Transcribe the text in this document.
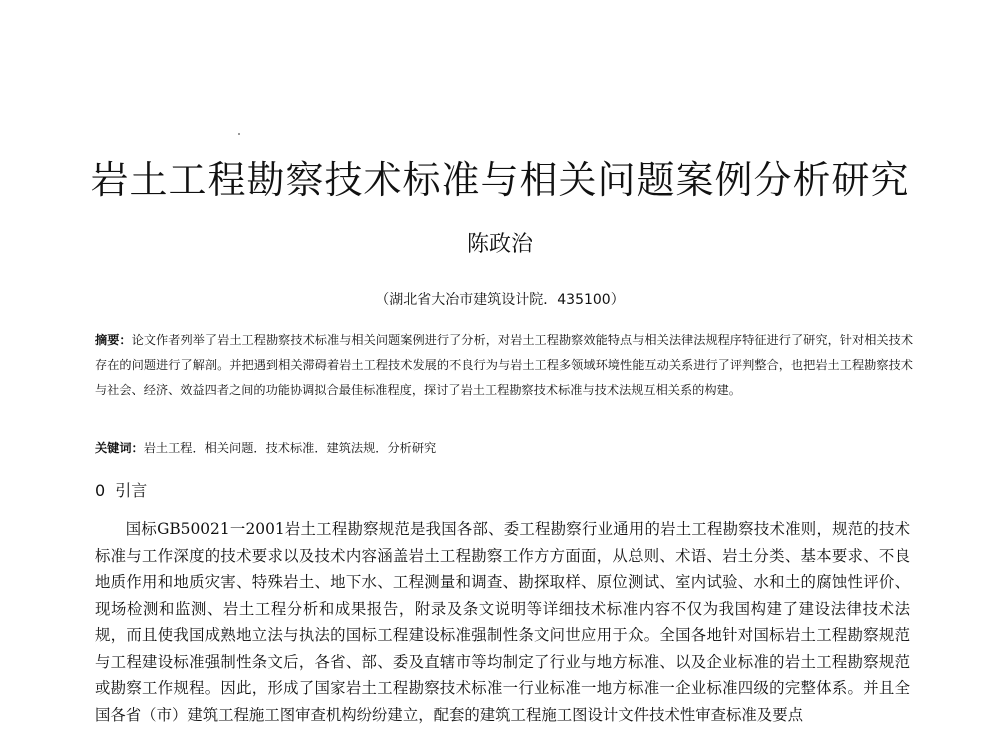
岩土工程勘察技术标准与相关问题案例分析研究
陈政治
（湖北省大冶市建筑设计院．435100）
摘要：论文作者列举了岩土工程勘察技术标准与相关问题案例进行了分析，对岩土工程勘察效能特点与相关法律法规程序特征进行了研究，针对相关技术存在的问题进行了解剖。并把遇到相关滞碍着岩土工程技术发展的不良行为与岩土工程多领域环境性能互动关系进行了评判整合，也把岩土工程勘察技术与社会、经济、效益四者之间的功能协调拟合最佳标准程度，探讨了岩土工程勘察技术标准与技术法规互相关系的构建。
关键词：岩土工程．相关问题．技术标准．建筑法规．分析研究
0 引言
国标GB50021一2001岩土工程勘察规范是我国各部、委工程勘察行业通用的岩土工程勘察技术准则，规范的技术标准与工作深度的技术要求以及技术内容涵盖岩土工程勘察工作方方面面，从总则、术语、岩土分类、基本要求、不良地质作用和地质灾害、特殊岩土、地下水、工程测量和调查、勘探取样、原位测试、室内试验、水和土的腐蚀性评价、现场检测和监测、岩土工程分析和成果报告，附录及条文说明等详细技术标准内容不仅为我国构建了建设法律技术法规，而且使我国成熟地立法与执法的国标工程建设标准强制性条文问世应用于众。全国各地针对国标岩土工程勘察规范与工程建设标准强制性条文后，各省、部、委及直辖市等均制定了行业与地方标准、以及企业标准的岩土工程勘察规范或勘察工作规程。因此，形成了国家岩土工程勘察技术标准一行业标准一地方标准一企业标准四级的完整体系。并且全国各省（市）建筑工程施工图审查机构纷纷建立，配套的建筑工程施工图设计文件技术性审查标准及要点
